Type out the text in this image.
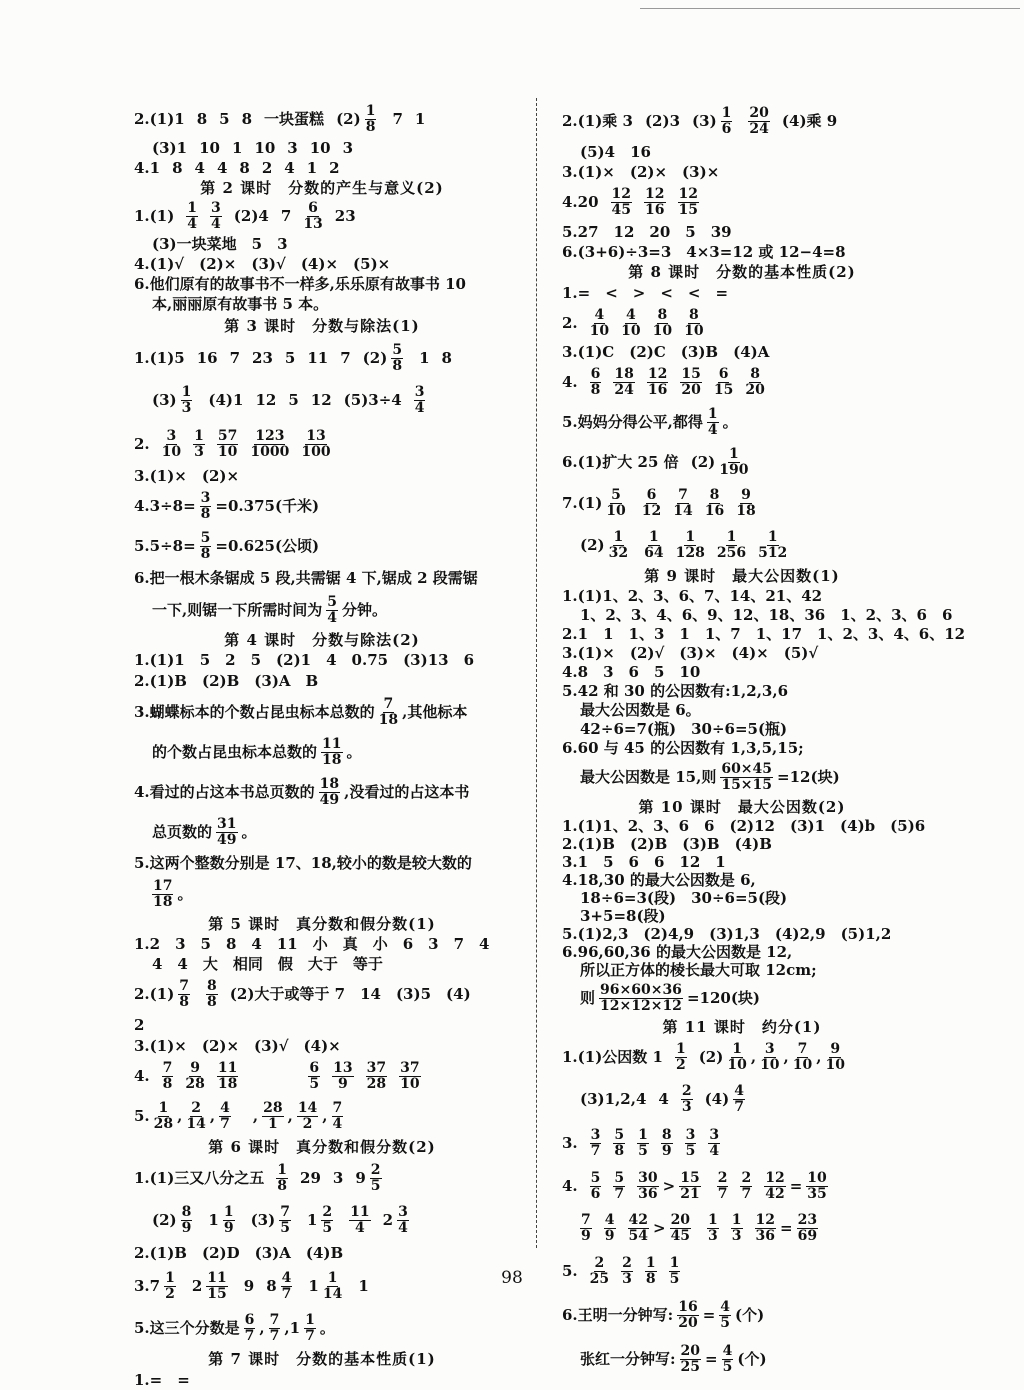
2.(1)1 8 5 8 一块蛋糕 (2) 1
8 7 1
(3)1 10 1 10 3 10 3
4.1 8 4 4 8 2 4 1 2
第 2 课时　分数的产生与意义(2)
1.(1) 1
4
3
4 (2)4 7 6
13 23
(3)一块菜地　5　3
4.(1)√　(2)×　(3)√　(4)×　(5)×
6.他们原有的故事书不一样多,乐乐原有故事书 10
本,丽丽原有故事书 5 本。
第 3 课时　分数与除法(1)
1.(1)5 16 7 23 5 11 7 (2) 5
8 1 8
(3) 1
3 (4)1 12 5 12 (5)3÷4 3
4
2. 3
10
1
3
57
10
123
1000
13
100
3.(1)×　(2)×
$4.3\div 8= \frac{3}{8} =0.375$(千米)
$5.5\div 8= \frac{5}{8} =0.625$(公顷)
6.把一根木条锯成 5 段,共需锯 4 下,锯成 2 段需锯
一下,则锯一下所需时间为 5
4 分钟。
第 4 课时　分数与除法(2)
1.(1)1　5　2　5　(2)1　4　0.75　(3)13　6
2.(1)B　(2)B　(3)A　B
3.蝴蝶标本的个数占昆虫标本总数的 7
18 ,其他标本
的个数占昆虫标本总数的 11
18 。
4.看过的占这本书总页数的 18
49 ,没看过的占这本书
总页数的 31
49 。
5.这两个整数分别是 17、18,较小的数是较大数的
17
18 。
第 5 课时　真分数和假分数(1)
1.2　3　5　8　4　11　小　真　小　6　3　7　4
4　4　大　相同　假　大于　等于
2.(1) 7
8
8
8 (2)大于或等于 7　14　(3)5　(4)
2
3.(1)×　(2)×　(3)√　(4)×
4. 7
8
9
28
11
18
6
5
13
9
37
28
37
10
5. 1
28 , 2
14 , 4
7 , 28
1 , 14
2 , 7
4
第 6 课时　真分数和假分数(2)
1.(1)三又八分之五 1
8 29 3 9 2
5
(2) 8
9 1 1
9 (3) 7
5 1 2
5
11
4 2 3
4
2.(1)B　(2)D　(3)A　(4)B
3.7 1
2 2 11
15 9 8 4
7 1 1
14 1
5.这三个分数是 6
7 , 7
7 ,1 1
7 。
第 7 课时　分数的基本性质(1)
1.=　=
2.(1)乘 3 (2)3 (3) 1
6
20
24 (4)乘 9
(5)4　16
3.(1)×　(2)×　(3)×
4.20 12
45
12
16
12
15
5.27　12　20　5　39
6.(3+6)÷3=3　4×3=12 或 12−4=8
第 8 课时　分数的基本性质(2)
1.=　<　>　<　<　=
2. 4
10
4
10
8
10
8
10
3.(1)C　(2)C　(3)B　(4)A
4. 6
8
18
24
12
16
15
20
6
15
8
20
5.妈妈分得公平,都得 1
4 。
6.(1)扩大 25 倍 (2) 1
190
7.(1) 5
10
6
12
7
14
8
16
9
18
(2) 1
32
1
64
1
128
1
256
1
512
第 9 课时　最大公因数(1)
1.(1)1、2、3、6、7、14、21、42
1、2、3、4、6、9、12、18、36　1、2、3、6　6
2.1　1　1、3　1　1、7　1、17　1、2、3、4、6、12
3.(1)×　(2)√　(3)×　(4)×　(5)√
4.8　3　6　5　10
5.42 和 30 的公因数有:1,2,3,6
最大公因数是 6。
42÷6=7(瓶)　30÷6=5(瓶)
6.60 与 45 的公因数有 1,3,5,15;
最大公因数是 15,则 $\frac{60\times 45}{15\times 15} =12$(块)
第 10 课时　最大公因数(2)
1.(1)1、2、3、6　6　(2)12　(3)1　(4)b　(5)6
2.(1)B　(2)B　(3)B　(4)B
3.1　5　6　6　12　1
4.18,30 的最大公因数是 6,
18÷6=3(段)　30÷6=5(段)
3+5=8(段)
5.(1)2,3　(2)4,9　(3)1,3　(4)2,9　(5)1,2
6.96,60,36 的最大公因数是 12,
所以正方体的棱长最大可取 12cm;
则 $\frac{96\times 60\times 36}{12\times 12\times 12} =120$(块)
第 11 课时　约分(1)
1.(1)公因数 1 1
2 (2) 1
10 , 3
10 , 7
10 , 9
10
(3)1,2,4 4 2
3 (4) 4
7
3. 3
7
5
8
1
5
8
9
3
5
3
4
4. 5
6
5
7
30
36 > 15
21
2
7
2
$7 \frac{12}{42} = \frac{10}{35}$
7
9
4
9
42
54 > 20
45
1
3
1
$3 \frac{12}{36} = \frac{23}{69}$
5. 2
25
2
3
1
8
1
5
6.王明一分钟写: $\frac{16}{20} = \frac{4}{5}$ (个)
张红一分钟写: $\frac{20}{25} = \frac{4}{5}$ (个)
98
